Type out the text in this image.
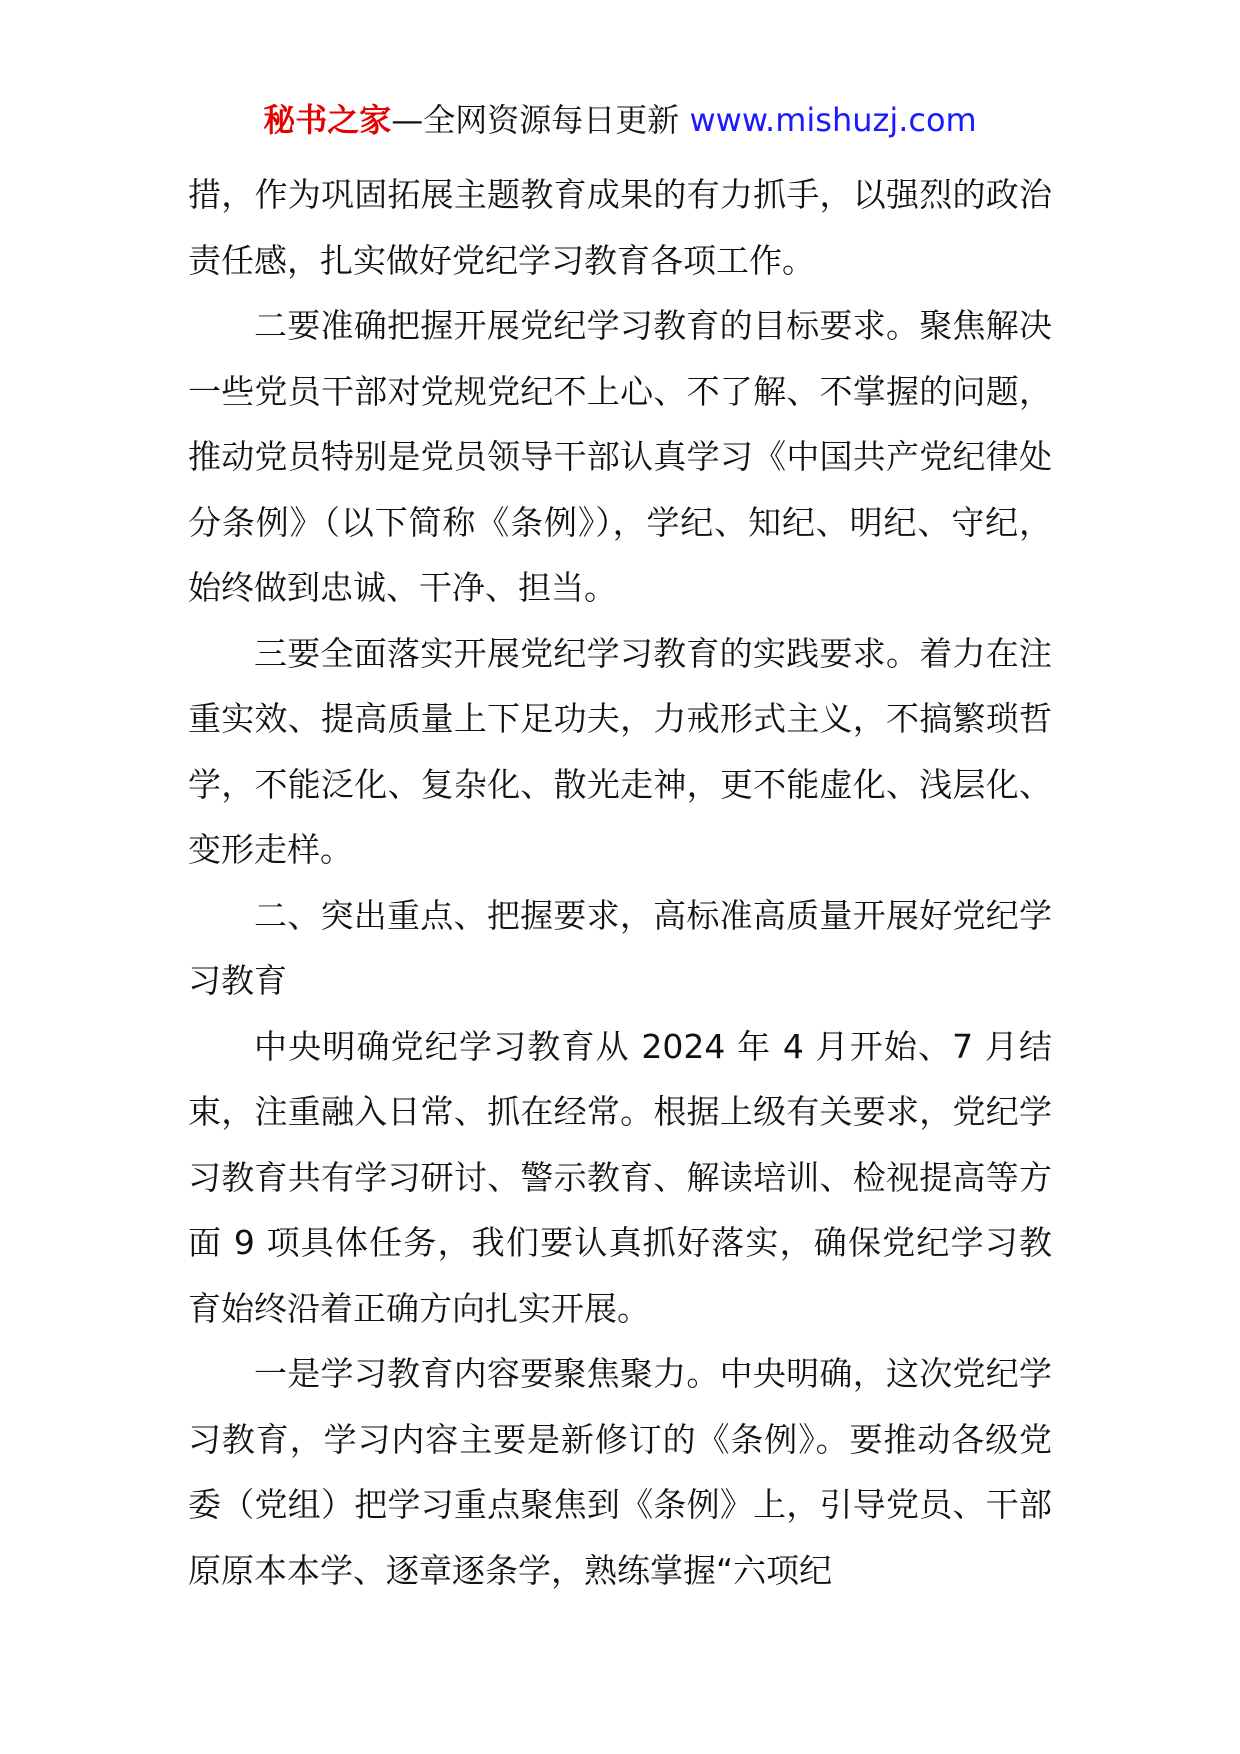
秘书之家—全网资源每日更新 www.mishuzj.com

措，作为巩固拓展主题教育成果的有力抓手，以强烈的政治责任感，扎实做好党纪学习教育各项工作。

二要准确把握开展党纪学习教育的目标要求。聚焦解决一些党员干部对党规党纪不上心、不了解、不掌握的问题，推动党员特别是党员领导干部认真学习《中国共产党纪律处分条例》（以下简称《条例》），学纪、知纪、明纪、守纪，始终做到忠诚、干净、担当。

三要全面落实开展党纪学习教育的实践要求。着力在注重实效、提高质量上下足功夫，力戒形式主义，不搞繁琐哲学，不能泛化、复杂化、散光走神，更不能虚化、浅层化、变形走样。

二、突出重点、把握要求，高标准高质量开展好党纪学习教育

中央明确党纪学习教育从 2024 年 4 月开始、7 月结束，注重融入日常、抓在经常。根据上级有关要求，党纪学习教育共有学习研讨、警示教育、解读培训、检视提高等方面 9 项具体任务，我们要认真抓好落实，确保党纪学习教育始终沿着正确方向扎实开展。

一是学习教育内容要聚焦聚力。中央明确，这次党纪学习教育，学习内容主要是新修订的《条例》。要推动各级党委（党组）把学习重点聚焦到《条例》上，引导党员、干部原原本本学、逐章逐条学，熟练掌握“六项纪
